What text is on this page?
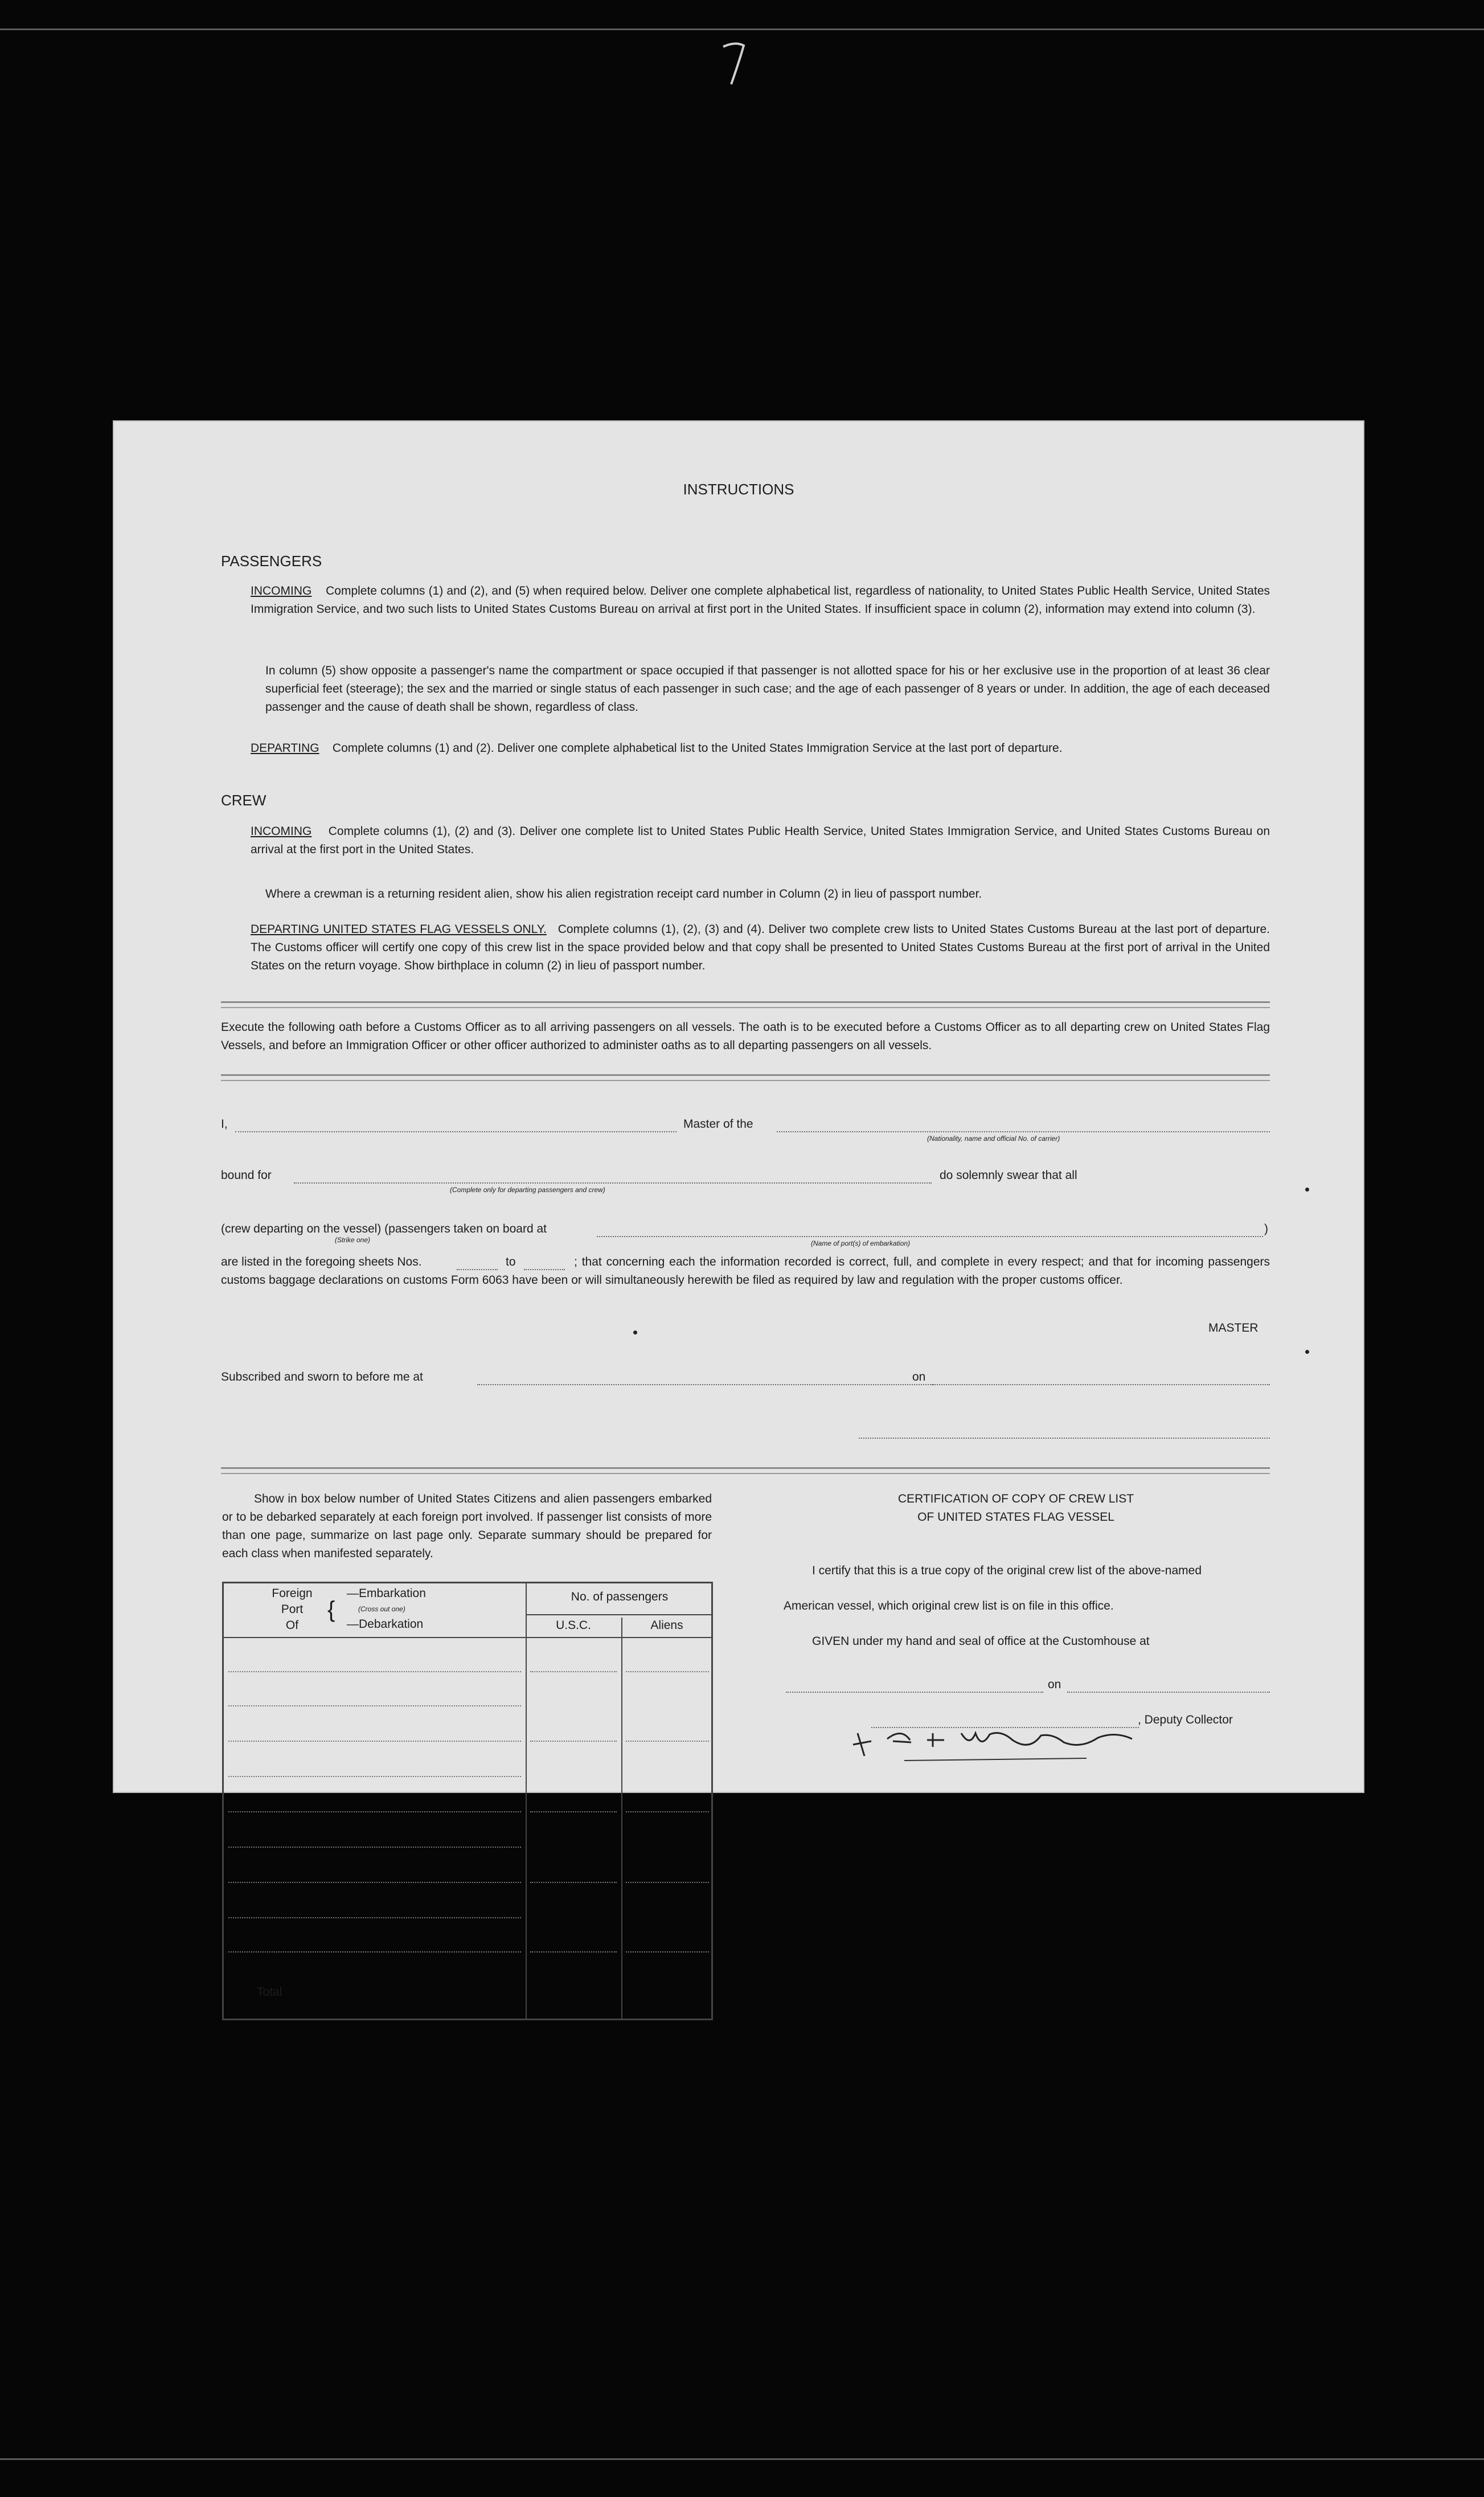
INSTRUCTIONS
PASSENGERS
INCOMING Complete columns (1) and (2), and (5) when required below. Deliver one complete alphabetical list, regardless of nationality, to United States Public Health Service, United States Immigration Service, and two such lists to United States Customs Bureau on arrival at first port in the United States. If insufficient space in column (2), information may extend into column (3).
In column (5) show opposite a passenger's name the compartment or space occupied if that passenger is not allotted space for his or her exclusive use in the proportion of at least 36 clear superficial feet (steerage); the sex and the married or single status of each passenger in such case; and the age of each passenger of 8 years or under. In addition, the age of each deceased passenger and the cause of death shall be shown, regardless of class.
DEPARTING Complete columns (1) and (2). Deliver one complete alphabetical list to the United States Immigration Service at the last port of departure.
CREW
INCOMING Complete columns (1), (2) and (3). Deliver one complete list to United States Public Health Service, United States Immigration Service, and United States Customs Bureau on arrival at the first port in the United States.
Where a crewman is a returning resident alien, show his alien registration receipt card number in Column (2) in lieu of passport number.
DEPARTING UNITED STATES FLAG VESSELS ONLY. Complete columns (1), (2), (3) and (4). Deliver two complete crew lists to United States Customs Bureau at the last port of departure. The Customs officer will certify one copy of this crew list in the space provided below and that copy shall be presented to United States Customs Bureau at the first port of arrival in the United States on the return voyage. Show birthplace in column (2) in lieu of passport number.
Execute the following oath before a Customs Officer as to all arriving passengers on all vessels. The oath is to be executed before a Customs Officer as to all departing crew on United States Flag Vessels, and before an Immigration Officer or other officer authorized to administer oaths as to all departing passengers on all vessels.
I,	Master of the
(Nationality, name and official No. of carrier)
bound for
(Complete only for departing passengers and crew)
do solemnly swear that all
(crew departing on the vessel) (passengers taken on board at
(Strike one)	(Name of port(s) of embarkation)
)
are listed in the foregoing sheets Nos.	to	; that concerning each the information recorded is correct, full, and complete in every respect; and that for incoming passengers customs baggage declarations on customs Form 6063 have been or will simultaneously herewith be filed as required by law and regulation with the proper customs officer.
MASTER
Subscribed and sworn to before me at	on
Show in box below number of United States Citizens and alien passengers embarked or to be debarked separately at each foreign port involved. If passenger list consists of more than one page, summarize on last page only. Separate summary should be prepared for each class when manifested separately.
Foreign
Port
Of
{
—Embarkation
(Cross out one)
—Debarkation
No. of passengers
U.S.C.	Aliens
Total
CERTIFICATION OF COPY OF CREW LIST
OF UNITED STATES FLAG VESSEL
I certify that this is a true copy of the original crew list of the above-named
American vessel, which original crew list is on file in this office.
GIVEN under my hand and seal of office at the Customhouse at
on
, Deputy Collector
